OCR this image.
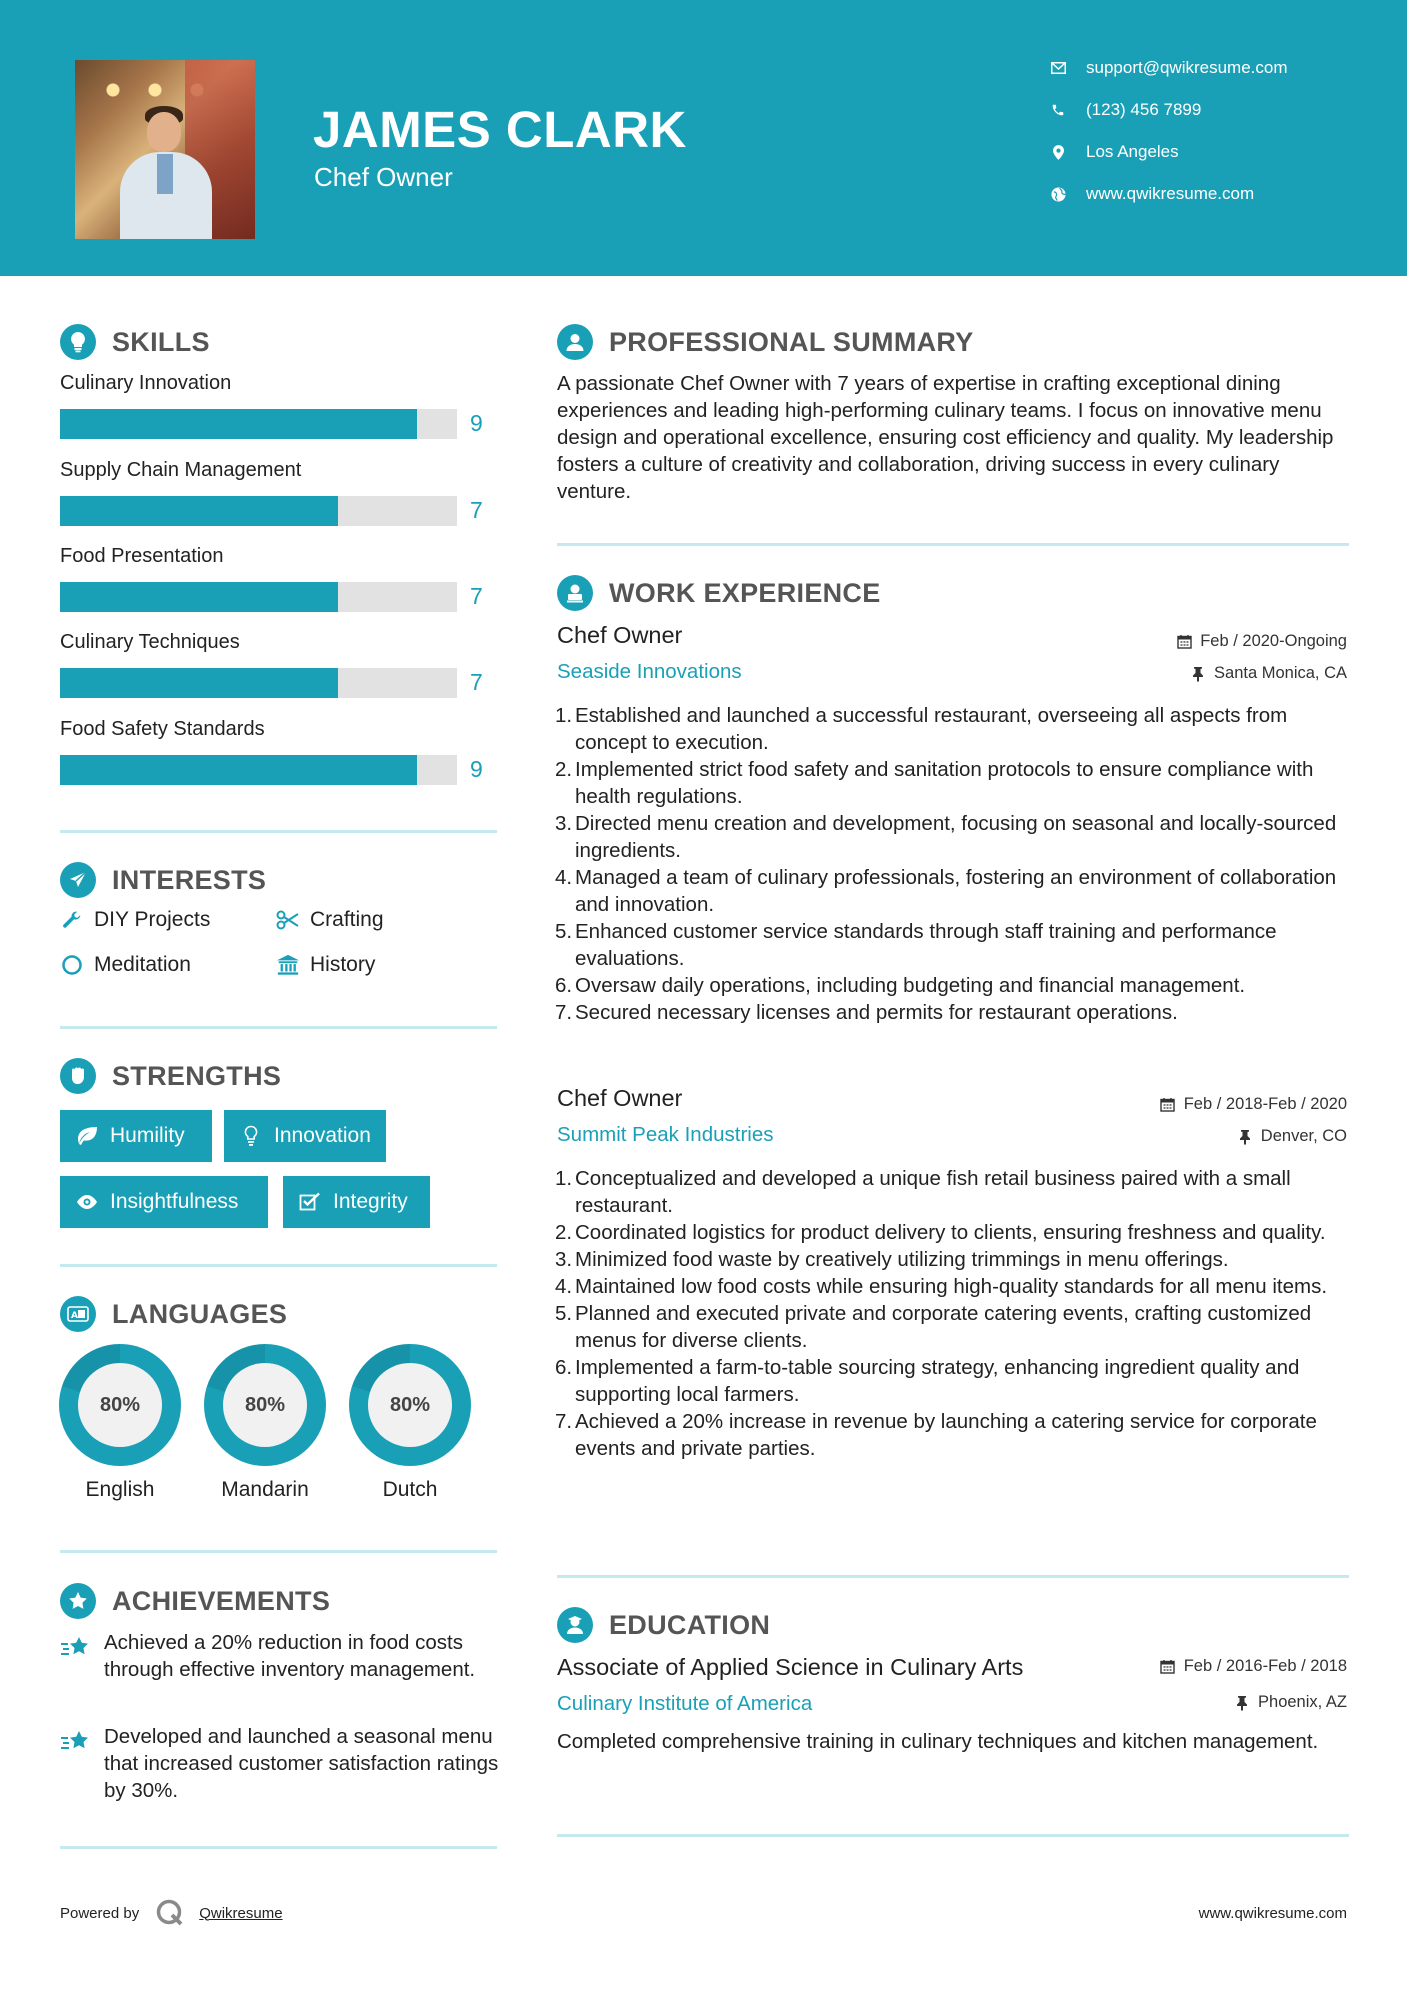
JAMES CLARK
Chef Owner
support@qwikresume.com
(123) 456 7899
Los Angeles
www.qwikresume.com
SKILLS
Culinary Innovation
9
Supply Chain Management
7
Food Presentation
7
Culinary Techniques
7
Food Safety Standards
9
INTERESTS
DIY Projects	Crafting
Meditation	History
STRENGTHS
Humility	Innovation
Insightfulness	Integrity
A LANGUAGES
80%
English
80%
Mandarin
80%
Dutch
ACHIEVEMENTS
Achieved a 20% reduction in food costs through effective inventory management.
Developed and launched a seasonal menu that increased customer satisfaction ratings by 30%.
PROFESSIONAL SUMMARY
A passionate Chef Owner with 7 years of expertise in crafting exceptional dining experiences and leading high-performing culinary teams. I focus on innovative menu design and operational excellence, ensuring cost efficiency and quality. My leadership fosters a culture of creativity and collaboration, driving success in every culinary venture.
WORK EXPERIENCE
Chef Owner	Feb / 2020-Ongoing
Seaside Innovations	Santa Monica, CA
1. Established and launched a successful restaurant, overseeing all aspects from concept to execution.
2. Implemented strict food safety and sanitation protocols to ensure compliance with health regulations.
3. Directed menu creation and development, focusing on seasonal and locally-sourced ingredients.
4. Managed a team of culinary professionals, fostering an environment of collaboration and innovation.
5. Enhanced customer service standards through staff training and performance evaluations.
6. Oversaw daily operations, including budgeting and financial management.
7. Secured necessary licenses and permits for restaurant operations.
Chef Owner	Feb / 2018-Feb / 2020
Summit Peak Industries	Denver, CO
1. Conceptualized and developed a unique fish retail business paired with a small restaurant.
2. Coordinated logistics for product delivery to clients, ensuring freshness and quality.
3. Minimized food waste by creatively utilizing trimmings in menu offerings.
4. Maintained low food costs while ensuring high-quality standards for all menu items.
5. Planned and executed private and corporate catering events, crafting customized menus for diverse clients.
6. Implemented a farm-to-table sourcing strategy, enhancing ingredient quality and supporting local farmers.
7. Achieved a 20% increase in revenue by launching a catering service for corporate events and private parties.
EDUCATION
Associate of Applied Science in Culinary Arts	Feb / 2016-Feb / 2018
Culinary Institute of America	Phoenix, AZ
Completed comprehensive training in culinary techniques and kitchen management.
Powered by	Qwikresume	www.qwikresume.com
